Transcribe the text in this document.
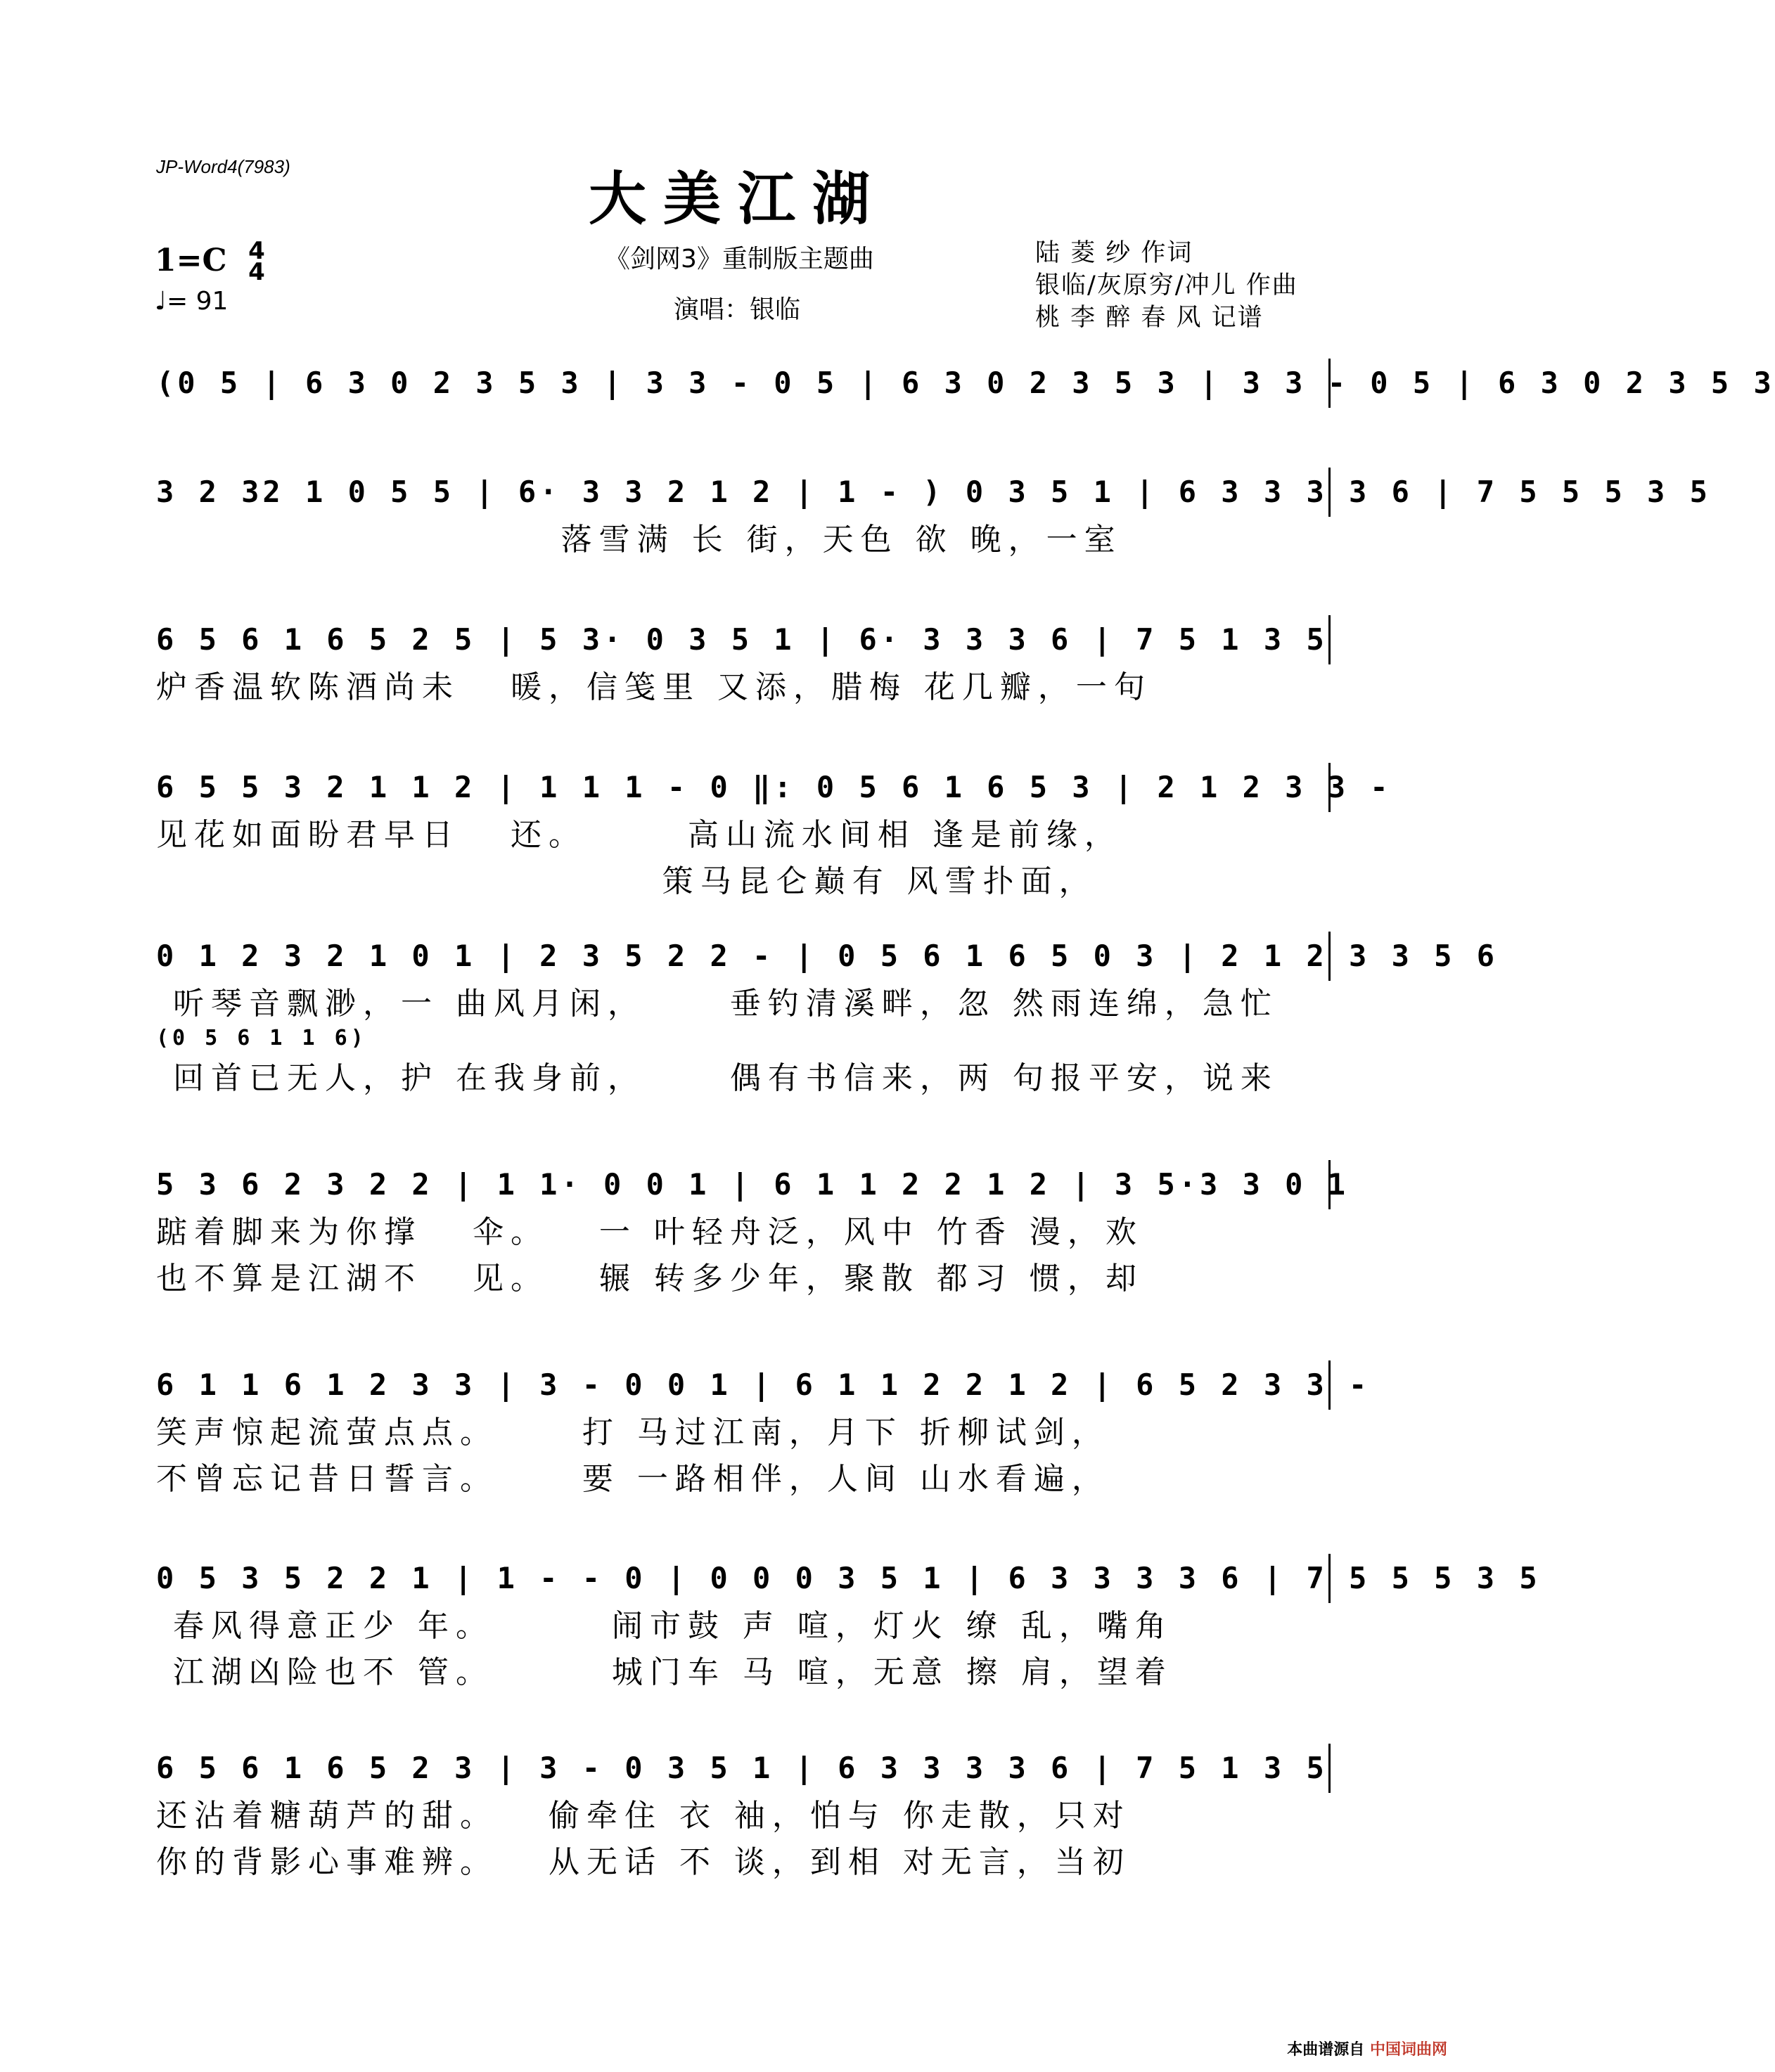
JP-Word4(7983)	大美江湖
《剑网3》重制版主题曲
演唱：银临
陆 菱 纱 作词
银临/灰原穷/冲儿 作曲
桃 李 醉 春 风 记谱
1=C 4
4
♩= 91
(0 5 | 6 3 0 2 3 5 3 | 3 3 - 0 5 | 6 3 0 2 3 5 3 | 3 3 - 0 5 | 6 3 0 2 3 5 3
3 2 32 1 0 5 5 | 6· 3 3 2 1 2 | 1 - ) 0 3 5 1 | 6 3 3 3 3 6 | 7 5 5 5 3 5
落雪满 长 街，天色 欲 晚，一室
6 5 6 1 6 5 2 5 | 5 3· 0 3 5 1 | 6· 3 3 3 6 | 7 5 1 3 5
炉香温软陈酒尚未   暖，信笺里 又添，腊梅 花几瓣，一句
6 5 5 3 2 1 1 2 | 1 1 1 - 0 ‖: 0 5 6 1 6 5 3 | 2 1 2 3 3 -
见花如面盼君早日   还。      高山流水间相 逢是前缘，
策马昆仑巅有 风雪扑面，
0 1 2 3 2 1 0 1 | 2 3 5 2 2 - | 0 5 6 1 6 5 0 3 | 2 1 2 3 3 5 6
(0 5 6 1 1 6)
听琴音飘渺，一 曲风月闲，     垂钓清溪畔，忽 然雨连绵，急忙
回首已无人，护 在我身前，     偶有书信来，两 句报平安，说来
5 3 6 2 3 2 2 | 1 1· 0 0 1 | 6 1 1 2 2 1 2 | 3 5·3 3 0 1
踮着脚来为你撑   伞。   一 叶轻舟泛，风中 竹香 漫，欢
也不算是江湖不   见。   辗 转多少年，聚散 都习 惯，却
6 1 1 6 1 2 3 3 | 3 - 0 0 1 | 6 1 1 2 2 1 2 | 6 5 2 3 3 -
笑声惊起流萤点点。     打 马过江南，月下 折柳试剑，
不曾忘记昔日誓言。     要 一路相伴，人间 山水看遍，
0 5 3 5 2 2 1 | 1 - - 0 | 0 0 0 3 5 1 | 6 3 3 3 3 6 | 7 5 5 5 3 5
春风得意正少 年。       闹市鼓 声 喧，灯火 缭 乱，嘴角
江湖凶险也不 管。       城门车 马 喧，无意 擦 肩，望着
6 5 6 1 6 5 2 3 | 3 - 0 3 5 1 | 6 3 3 3 3 6 | 7 5 1 3 5
还沾着糖葫芦的甜。   偷牵住 衣 袖，怕与 你走散，只对
你的背影心事难辨。   从无话 不 谈，到相 对无言，当初
本曲谱源自 中国词曲网
